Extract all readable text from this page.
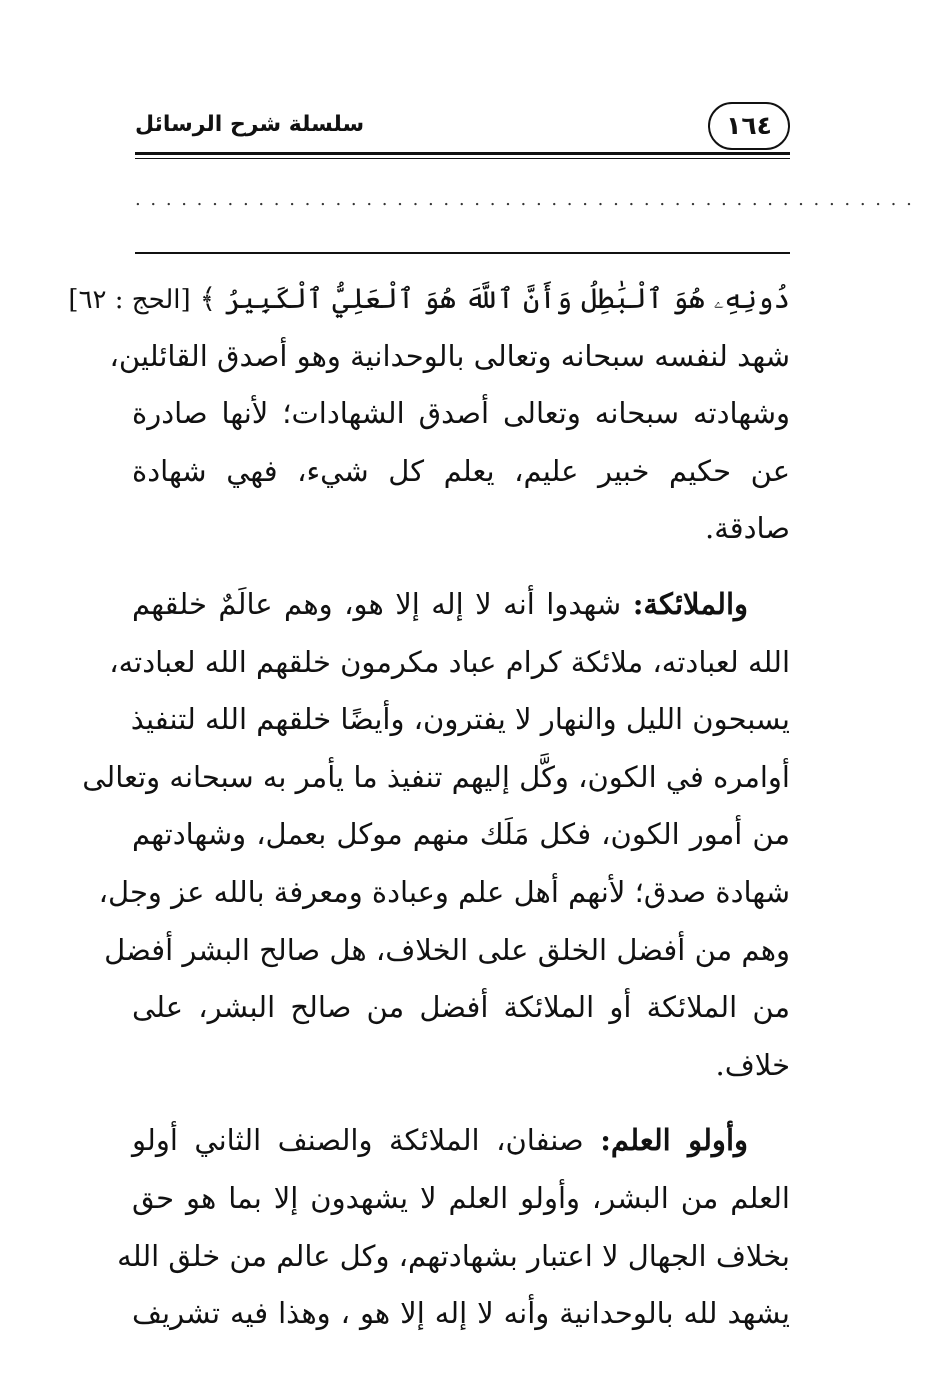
١٦٤
سلسلة شرح الرسائل
...................................................
دُونِهِۦ هُوَ ٱلْبَٰطِلُ وَأَنَّ ٱللَّهَ هُوَ ٱلْعَلِيُّ ٱلْكَبِيرُ ﴾ [الحج : ٦٢]
شهد لنفسه سبحانه وتعالى بالوحدانية وهو أصدق القائلين،
وشهادته سبحانه وتعالى أصدق الشهادات؛ لأنها صادرة
عن حكيم خبير عليم، يعلم كل شيء، فهي شهادة
صادقة.
والملائكة: شهدوا أنه لا إله إلا هو، وهم عالَمٌ خلقهم
الله لعبادته، ملائكة كرام عباد مكرمون خلقهم الله لعبادته،
يسبحون الليل والنهار لا يفترون، وأيضًا خلقهم الله لتنفيذ
أوامره في الكون، وكَّل إليهم تنفيذ ما يأمر به سبحانه وتعالى
من أمور الكون، فكل مَلَك منهم موكل بعمل، وشهادتهم
شهادة صدق؛ لأنهم أهل علم وعبادة ومعرفة بالله عز وجل،
وهم من أفضل الخلق على الخلاف، هل صالح البشر أفضل
من الملائكة أو الملائكة أفضل من صالح البشر، على
خلاف.
وأولو العلم: صنفان، الملائكة والصنف الثاني أولو
العلم من البشر، وأولو العلم لا يشهدون إلا بما هو حق
بخلاف الجهال لا اعتبار بشهادتهم، وكل عالم من خلق الله
يشهد لله بالوحدانية وأنه لا إله إلا هو ، وهذا فيه تشريف
